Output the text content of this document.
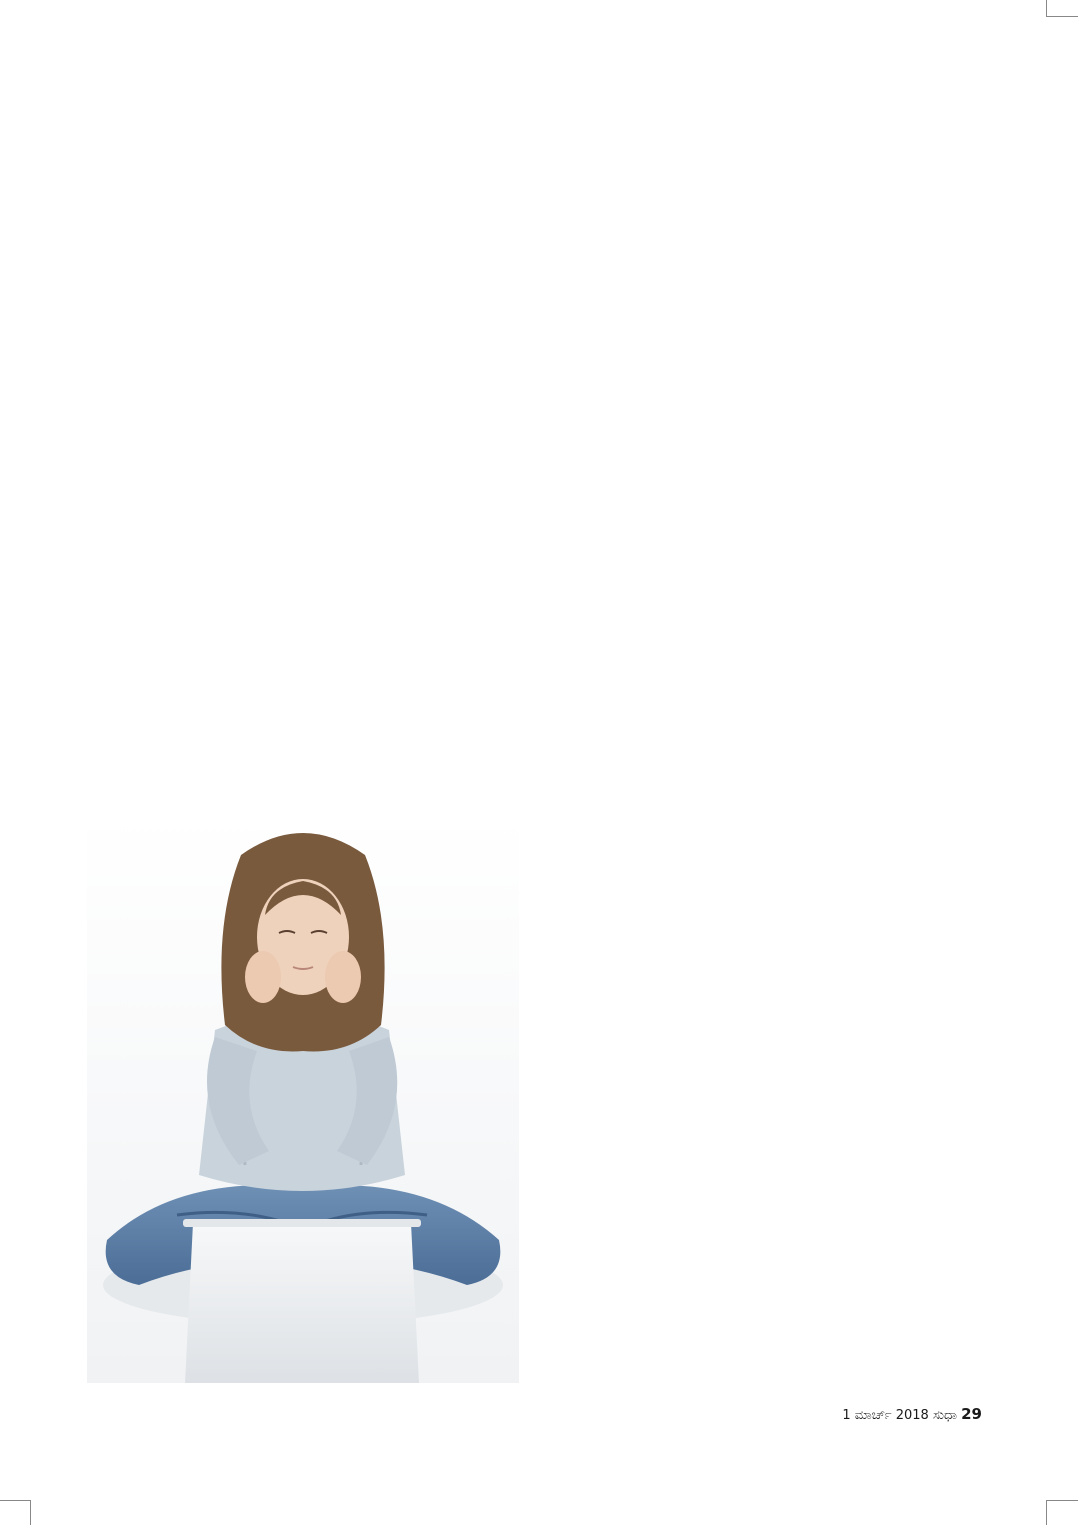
1 ಮಾರ್ಚ್ 2018 ಸುಧಾ 29
